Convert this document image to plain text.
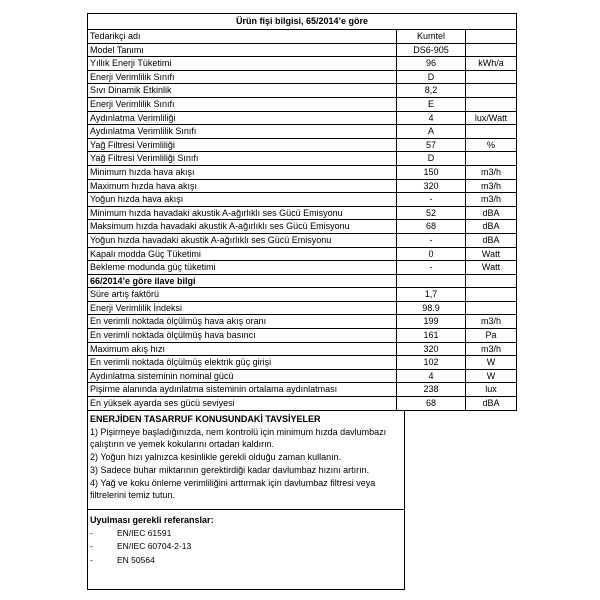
Ürün fişi bilgisi, 65/2014’e göre
Tedarikçi adı	Kumtel
Model Tanımı	DS6-905
Yıllık Enerji Tüketimi	96	kWh/a
Enerji Verimlilik Sınıfı	D
Sıvı Dinamik Etkinlik	8,2
Enerji Verimlilik Sınıfı	E
Aydınlatma Verimliliği	4	lux/Watt
Aydınlatma Verimlilik Sınıfı	A
Yağ Filtresi Verimliliği	57	%
Yağ Filtresi Verimliliği Sınıfı	D
Minimum hızda hava akışı	150	m3/h
Maximum hızda hava akışı	320	m3/h
Yoğun hızda hava akışı	-	m3/h
Minimum hızda havadaki akustik A-ağırlıklı ses Gücü Emisyonu	52	dBA
Maksimum hızda havadaki akustik A-ağırlıklı ses Gücü Emisyonu	68	dBA
Yoğun hızda havadaki akustik A-ağırlıklı ses Gücü Emisyonu	-	dBA
Kapalı modda Güç Tüketimi	0	Watt
Bekleme modunda güç tüketimi	-	Watt
66/2014’e göre ilave bilgi
Süre artış faktörü	1,7
Enerji Verimlilik İndeksi	98.9
En verimli noktada ölçülmüş hava akış oranı	199	m3/h
En verimli noktada ölçülmüş hava basıncı	161	Pa
Maximum akış hızı	320	m3/h
En verimli noktada ölçülmüş elektrik güç girişi	102	W
Aydınlatma sisteminin nominal gücü	4	W
Pişirme alanında aydınlatma sisteminin ortalama aydınlatması	238	lux
En yüksek ayarda ses gücü seviyesi	68	dBA
ENERJİDEN TASARRUF KONUSUNDAKİ TAVSİYELER
1) Pişirmeye başladığınızda, nem kontrolü için minimum hızda davlumbazı
çalıştırın ve yemek kokularını ortadan kaldırın.
2) Yoğun hızı yalnızca kesinlikle gerekli olduğu zaman kullanın.
3) Sadece buhar miktarının gerektirdiği kadar davlumbaz hızını artırın.
4) Yağ ve koku önleme verimliliğini arttırmak için davlumbaz filtresi veya
filtrelerini temiz tutun.
Uyulması gerekli referanslar:
-	EN/IEC 61591
-	EN/IEC 60704-2-13
-	EN 50564
